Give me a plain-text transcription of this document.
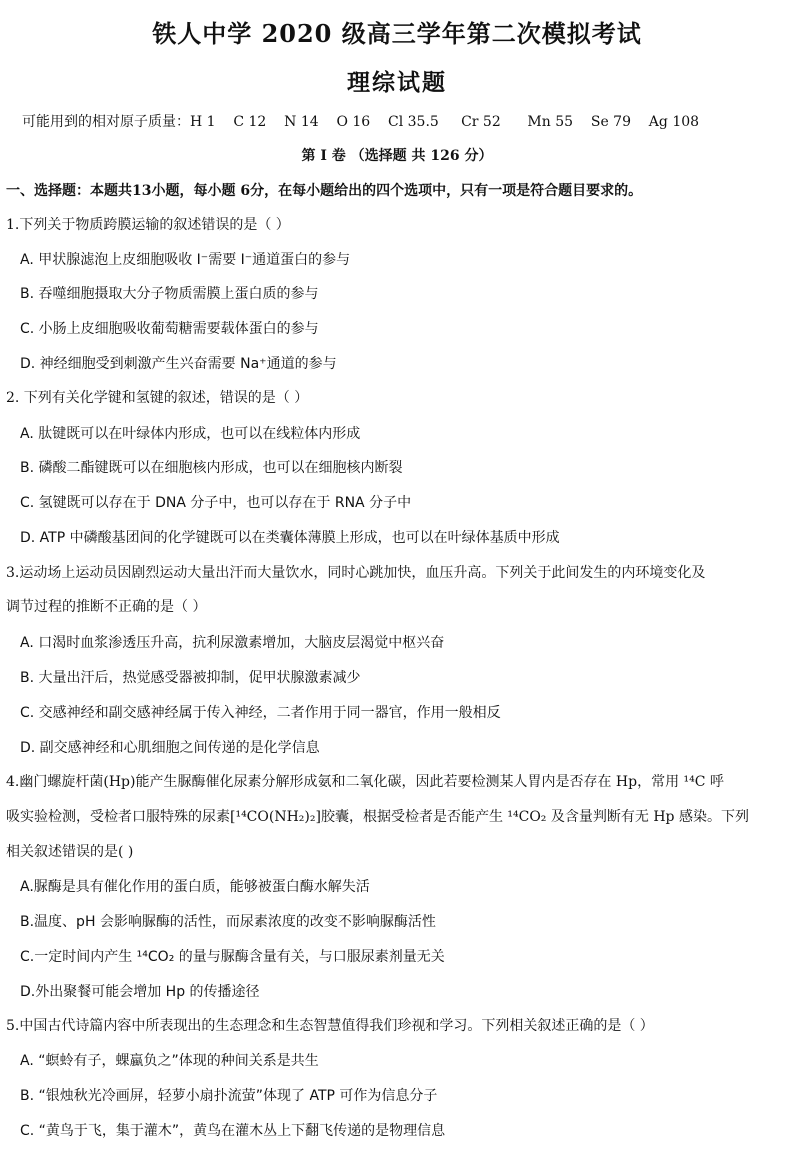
铁人中学 2020 级高三学年第二次模拟考试
理综试题
可能用到的相对原子质量：H 1    C 12    N 14    O 16    Cl 35.5     Cr 52      Mn 55    Se 79    Ag 108
第 I 卷 （选择题 共 126 分）
一、选择题：本题共13小题，每小题 6分，在每小题给出的四个选项中，只有一项是符合题目要求的。
1.下列关于物质跨膜运输的叙述错误的是（ ）
A. 甲状腺滤泡上皮细胞吸收 I⁻需要 I⁻通道蛋白的参与
B. 吞噬细胞摄取大分子物质需膜上蛋白质的参与
C. 小肠上皮细胞吸收葡萄糖需要载体蛋白的参与
D. 神经细胞受到刺激产生兴奋需要 Na⁺通道的参与
2. 下列有关化学键和氢键的叙述，错误的是（ ）
A. 肽键既可以在叶绿体内形成，也可以在线粒体内形成
B. 磷酸二酯键既可以在细胞核内形成，也可以在细胞核内断裂
C. 氢键既可以存在于 DNA 分子中，也可以存在于 RNA 分子中
D. ATP 中磷酸基团间的化学键既可以在类囊体薄膜上形成，也可以在叶绿体基质中形成
3.运动场上运动员因剧烈运动大量出汗而大量饮水，同时心跳加快，血压升高。下列关于此间发生的内环境变化及
调节过程的推断不正确的是（ ）
A. 口渴时血浆渗透压升高，抗利尿激素增加，大脑皮层渴觉中枢兴奋
B. 大量出汗后，热觉感受器被抑制，促甲状腺激素减少
C. 交感神经和副交感神经属于传入神经，二者作用于同一器官，作用一般相反
D. 副交感神经和心肌细胞之间传递的是化学信息
4.幽门螺旋杆菌(Hp)能产生脲酶催化尿素分解形成氨和二氧化碳，因此若要检测某人胃内是否存在 Hp，常用 ¹⁴C 呼
吸实验检测，受检者口服特殊的尿素[¹⁴CO(NH₂)₂]胶囊，根据受检者是否能产生 ¹⁴CO₂ 及含量判断有无 Hp 感染。下列
相关叙述错误的是( )
A.脲酶是具有催化作用的蛋白质，能够被蛋白酶水解失活
B.温度、pH 会影响脲酶的活性，而尿素浓度的改变不影响脲酶活性
C.一定时间内产生 ¹⁴CO₂ 的量与脲酶含量有关，与口服尿素剂量无关
D.外出聚餐可能会增加 Hp 的传播途径
5.中国古代诗篇内容中所表现出的生态理念和生态智慧值得我们珍视和学习。下列相关叙述正确的是（ ）
A. “螟蛉有子，蜾蠃负之”体现的种间关系是共生
B. “银烛秋光冷画屏，轻萝小扇扑流萤”体现了 ATP 可作为信息分子
C. “黄鸟于飞，集于灌木”，黄鸟在灌木丛上下翻飞传递的是物理信息
